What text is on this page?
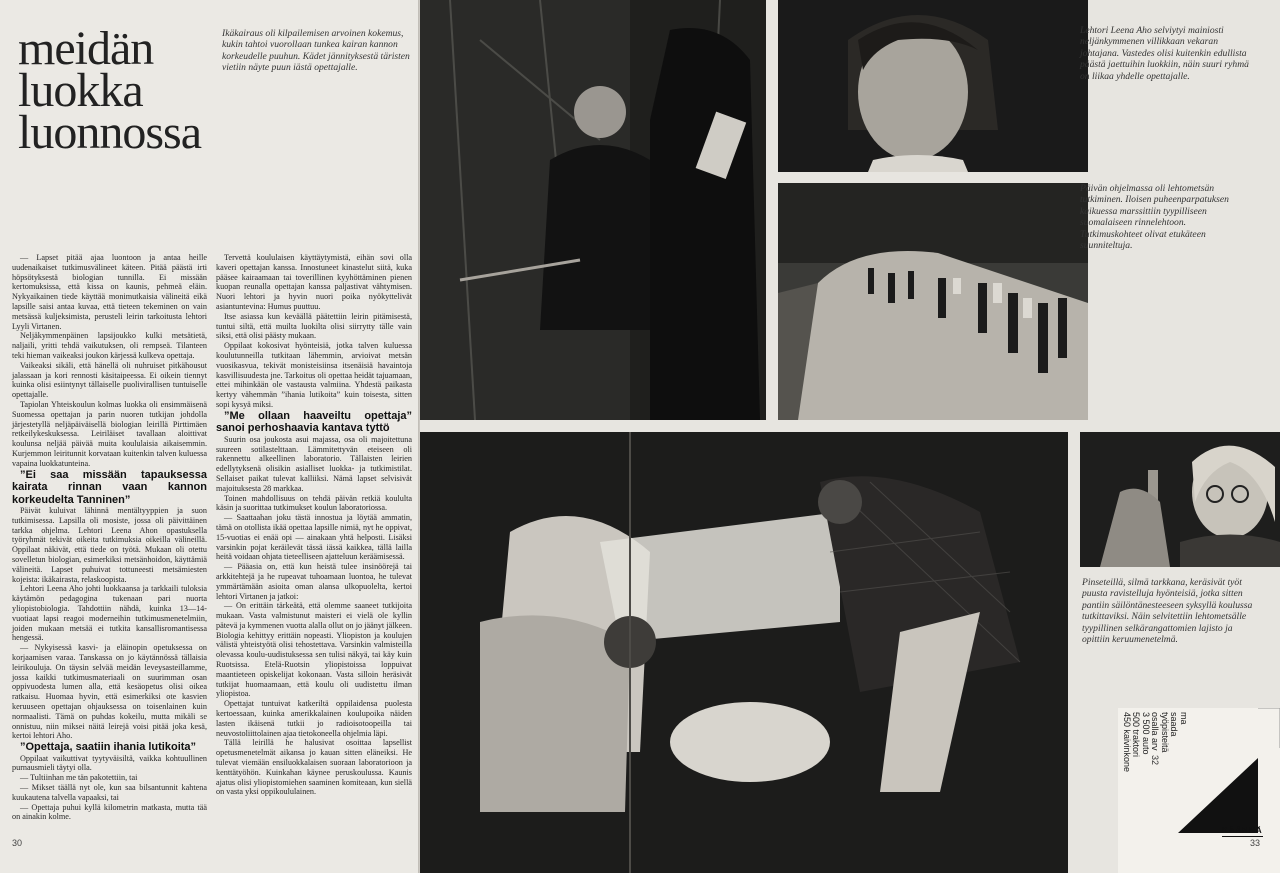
meidän luokka luonnossa

Ikäkairaus oli kilpailemisen arvoinen kokemus, kukin tahtoi vuorollaan tunkea kairan kannon korkeudelle puuhun. Kädet jännityksestä täristen vietiin näyte puun iästä opettajalle.

— Lapset pitää ajaa luontoon ja antaa heille uudenaikaiset tutkimusvälineet käteen. Pitää päästä irti höpsötyksestä biologian tunnilla. Ei missään kertomuksissa, että kissa on kaunis, pehmeä eläin. Nykyaikainen tiede käyttää monimutkaisia välineitä eikä lapsille saisi antaa kuvaa, että tieteen tekeminen on vain metsässä kuljeksimista, perusteli leirin tarkoitusta lehtori Lyyli Virtanen.

Neljäkymmenpäinen lapsijoukko kulki metsätietä, naljaili, yritti tehdä vaikutuksen, oli rempseä. Tilanteen teki hieman vaikeaksi joukon kärjessä kulkeva opettaja.

Vaikeaksi sikäli, että hänellä oli nuhruiset pitkähousut jalassaan ja kori rennosti käsitaipeessa. Ei oikein tiennyt kuinka olisi esiintynyt tällaiselle puolivirallisen tuntuiselle opettajalle.

Tapiolan Yhteiskoulun kolmas luokka oli ensimmäisenä Suomessa opettajan ja parin nuoren tutkijan johdolla järjestetyllä neljäpäiväisellä biologian leirillä Pirttimäen retkeilykeskuksessa. Leiriläiset tavallaan aloittivat koulunsa neljää päivää muita koululaisia aikaisemmin. Kurjemmon leiritunnit korvataan kuitenkin talven kuluessa vapaina luokkatunteina.

”Ei saa missään tapauksessa kairata rinnan vaan kannon korkeudelta Tanninen”

Päivät kuluivat lähinnä mentältyyppien ja suon tutkimisessa. Lapsilla oli mosiste, jossa oli päivittäinen tarkka ohjelma. Lehtori Leena Ahon opastuksella työryhmät tekivät oikeita tutkimuksia oikeilla välineillä. Oppilaat näkivät, että tiede on työtä. Mukaan oli otettu sovelletun biologian, esimerkiksi metsänhoidon, käyttämiä välineitä. Lapset puhuivat tottuneesti metsämiesten kojeista: ikäkairasta, relaskoopista.

Lehtori Leena Aho johti luokkaansa ja tarkkaili tuloksia käytämön pedagogina tukenaan pari nuorta yliopistobiologia. Tahdottiin nähdä, kuinka 13—14-vuotiaat lapsi reagoi moderneihin tutkimusmenetelmiin, joiden mukaan metsää ei tutkita kansallisromantisessa hengessä.

— Nykyisessä kasvi- ja eläinopin opetuksessa on korjaamisen varaa. Tanskassa on jo käytännössä tällaisia leirikouluja. On täysin selvää meidän leveysasteillamme, jossa kaikki tutkimusmateriaali on suurimman osan oppivuodesta lumen alla, että kesäopetus olisi oikea ratkaisu. Huomaa hyvin, että esimerkiksi ote kasvien keruuseen opettajan ohjauksessa on toisenlainen kuin normaalisti. Tämä on puhdas kokeilu, mutta mikäli se onnistuu, niin miksei näitä leirejä voisi pitää joka kesä, kertoi lehtori Aho.

”Opettaja, saatiin ihania lutikoita”

Oppilaat vaikuttivat tyytyväisiltä, vaikka kohtuullinen purnausmieli täytyi olla.

— Tultiinhan me tän pakotettiin, tai

— Mikset täällä nyt ole, kun saa bilsantunnit kahtena kuukautena talvella vapaaksi, tai

— Opettaja puhui kyllä kilometrin matkasta, mutta tää on ainakin kolme.

Tervettä koululaisen käyttäytymistä, eihän sovi olla kaveri opettajan kanssa. Innostuneet kinastelut siitä, kuka pääsee kairaamaan tai toverillinen kyyhöttäminen pienen kuopan reunalla opettajan kanssa paljastivat vähtymisen. Nuori lehtori ja hyvin nuori poika nyökyttelivät asiantuntevina: Humus puuttuu.

Itse asiassa kun keväällä päätettiin leirin pitämisestä, tuntui siltä, että muilta luokilta olisi siirrytty tälle vain siksi, että olisi päästy mukaan.

Oppilaat kokosivat hyönteisiä, jotka talven kuluessa koulutunneilla tutkitaan lähemmin, arvioivat metsän vuosikasvua, tekivät monisteisiinsa itsenäisiä havaintoja kasvillisuudesta jne. Tarkoitus oli opettaa heidät tajuamaan, ettei mihinkään ole vastausta valmiina. Yhdestä paikasta kertyy vähemmän ”ihania lutikoita” kuin toisesta, sitten sopi kysyä miksi.

”Me ollaan haaveiltu opettaja” sanoi perhoshaavia kantava tyttö

Suurin osa joukosta asui majassa, osa oli majoitettuna suureen sotilastelttaan. Lämmitettyvän eteiseen oli rakennettu alkeellinen laboratorio. Tällaisten leirien edellytyksenä olisikin asialliset luokka- ja tutkimistilat. Sellaiset paikat tulevat kalliiksi. Nämä lapset selvisivät majoituksesta 28 markkaa.

Toinen mahdollisuus on tehdä päivän retkiä koululta käsin ja suorittaa tutkimukset koulun laboratoriossa.

— Saattaahan joku tästä innostua ja löytää ammatin, tämä on otollista ikää opettaa lapsille nimiä, nyt he oppivat, 15-vuotias ei enää opi — ainakaan yhtä helposti. Lisäksi varsinkin pojat keräilevät tässä iässä kaikkea, tällä lailla heitä voidaan ohjata tieteelliseen ajatteluun keräämisessä.

— Pääasia on, että kun heistä tulee insinöörejä tai arkkitehtejä ja he rupeavat tuhoamaan luontoa, he tulevat ymmärtämään asioita oman alansa ulkopuolelta, kertoi lehtori Virtanen ja jatkoi:

— On erittäin tärkeätä, että olemme saaneet tutkijoita mukaan. Vasta valmistunut maisteri ei vielä ole kyllin pätevä ja kymmenen vuotta alalla ollut on jo jäänyt jälkeen. Biologia kehittyy erittäin nopeasti. Yliopiston ja koulujen välistä yhteistyötä olisi tehostettava. Varsinkin valmisteilla olevassa koulu-uudistuksessa sen tulisi näkyä, tai käy kuin Ruotsissa. Etelä-Ruotsin yliopistoissa loppuivat maantieteen opiskelijat kokonaan. Vasta silloin heräsivät tutkijat huomaamaan, että koulu oli uudistettu ilman yliopistoa.

Opettajat tuntuivat katkeriltä oppilaidensa puolesta kertoessaan, kuinka amerikkalainen koulupoika näiden lasten ikäisenä tutkii jo radioisotoopeilla tai neuvostoliittolainen ajaa tietokoneella ohjelmia läpi.

Tällä leirillä he halusivat osoittaa lapsellist opetusmenetelmät aikansa jo kauan sitten eläneiksi. He tulevat viemään ensiluokkalaisen suoraan laboratorioon ja kenttätyöhön. Kuinkahan käynee peruskoulussa. Kaunis ajatus olisi yliopistomiehen saaminen komiteaan, kun siellä on vasta yksi oppikoululainen.

30

Lehtori Leena Aho selviytyi mainiosti neljänkymmenen villikkaan vekaran johtajana. Vastedes olisi kuitenkin edullista päästä jaettuihin luokkiin, näin suuri ryhmä on liikaa yhdelle opettajalle.

Päivän ohjelmassa oli lehtometsän tutkiminen. Iloisen puheenparpatuksen kaikuessa marssittiin tyypilliseen suomalaiseen rinnelehtoon. Tutkimuskohteet olivat etukäteen suunniteltuja.

Pinseteillä, silmä tarkkana, keräsivät työt puusta ravistelluja hyönteisiä, jotka sitten pantiin säilöntänesteeseen syksyllä koulussa tutkittaviksi. Näin selvitettiin lehtometsälle tyypillinen selkärangattomien lajisto ja opittiin keruumenetelmä.

ma
saada
työpisteitä
osalla arv
3 500 auto
500 traktori
450 kaivinkone	32
KÄÄNNÄ
33
